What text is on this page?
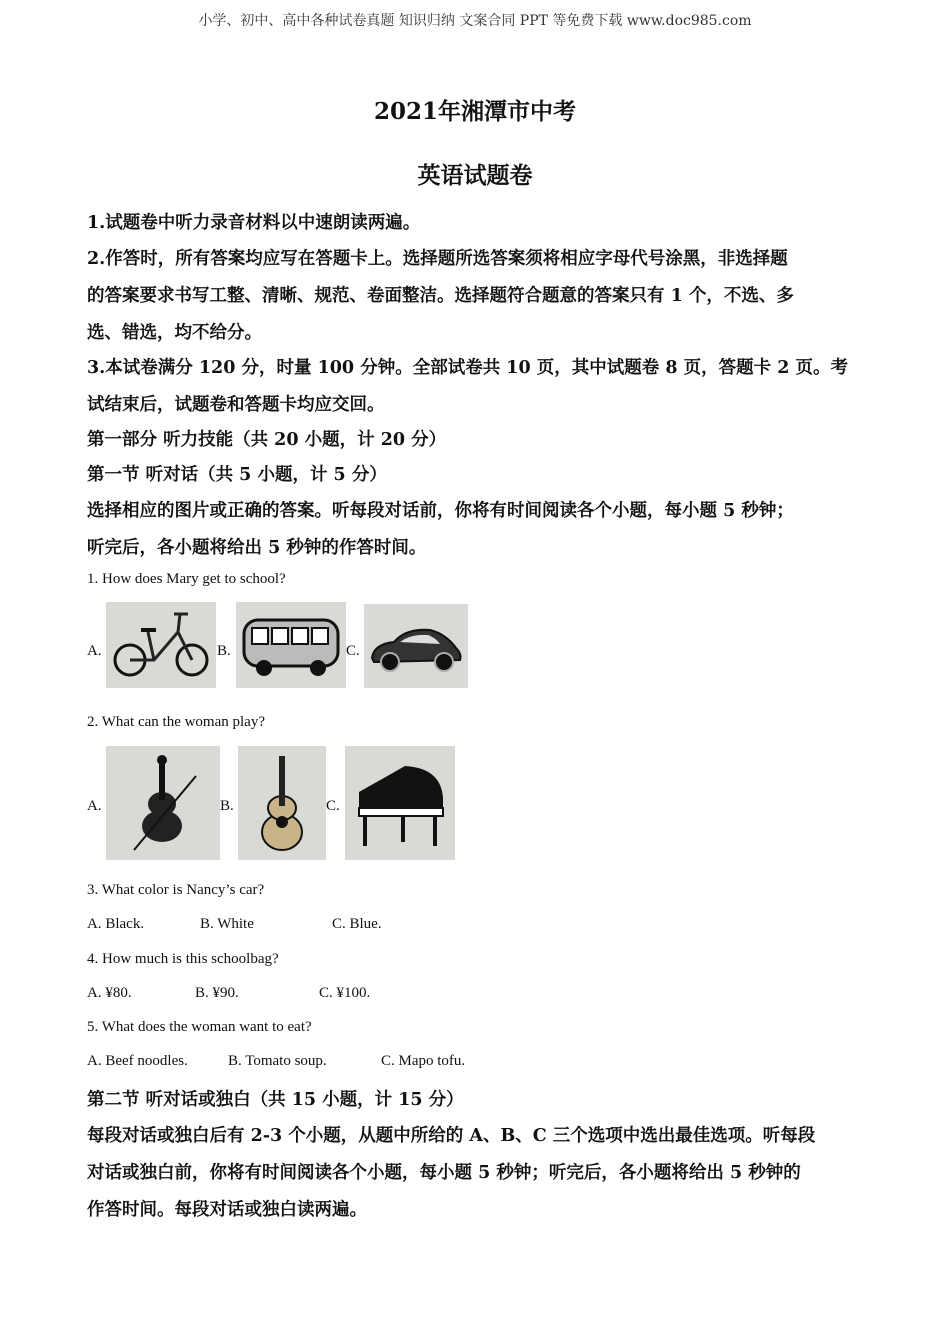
小学、初中、高中各种试卷真题 知识归纳 文案合同 PPT 等免费下载 www.doc985.com
2021年湘潭市中考
英语试题卷
1.试题卷中听力录音材料以中速朗读两遍。
2.作答时，所有答案均应写在答题卡上。选择题所选答案须将相应字母代号涂黑，非选择题
的答案要求书写工整、清晰、规范、卷面整洁。选择题符合题意的答案只有 1 个，不选、多
选、错选，均不给分。
3.本试卷满分 120 分，时量 100 分钟。全部试卷共 10 页，其中试题卷 8 页，答题卡 2 页。考
试结束后，试题卷和答题卡均应交回。
第一部分 听力技能（共 20 小题，计 20 分）
第一节 听对话（共 5 小题，计 5 分）
选择相应的图片或正确的答案。听每段对话前，你将有时间阅读各个小题，每小题 5 秒钟；
听完后，各小题将给出 5 秒钟的作答时间。
1. How does Mary get to school?
A.	B.	C.
2. What can the woman play?
A.	B.	C.
3. What color is Nancy’s car?
A. Black.	B. White	C. Blue.
4. How much is this schoolbag?
A. ¥80.	B. ¥90.	C. ¥100.
5. What does the woman want to eat?
A. Beef noodles.	B. Tomato soup.	C. Mapo tofu.
第二节 听对话或独白（共 15 小题，计 15 分）
每段对话或独白后有 2-3 个小题，从题中所给的 A、B、C 三个选项中选出最佳选项。听每段
对话或独白前，你将有时间阅读各个小题，每小题 5 秒钟；听完后，各小题将给出 5 秒钟的
作答时间。每段对话或独白读两遍。
